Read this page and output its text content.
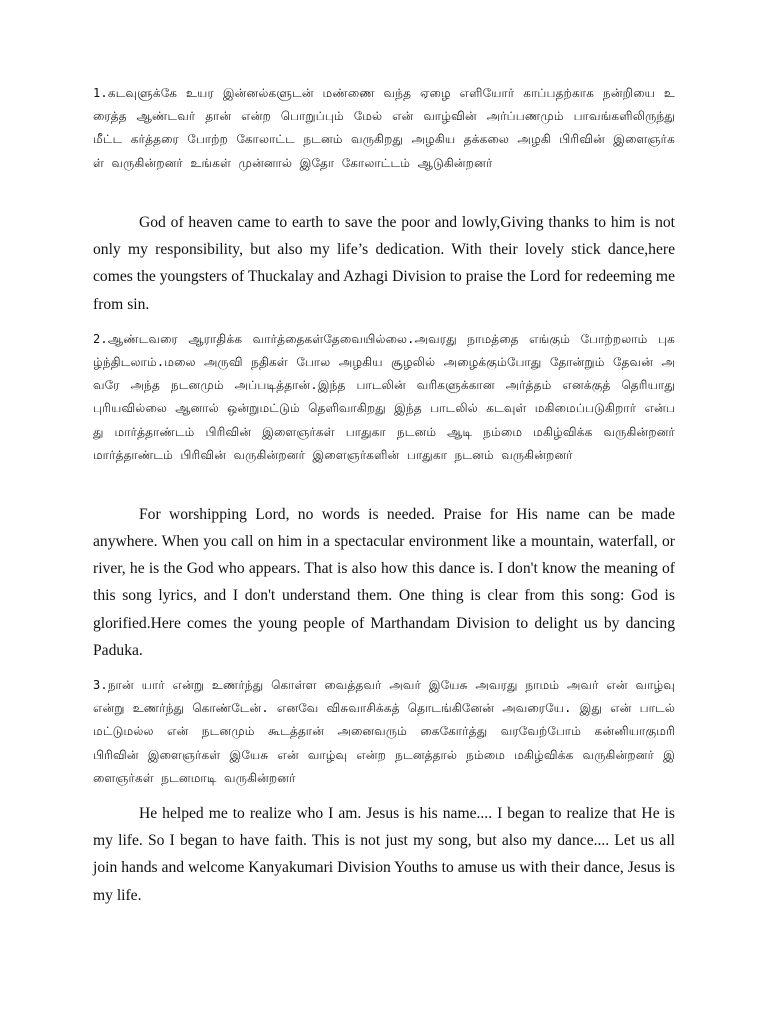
1.கடவுளுக்கே உயர இன்னல்களுடன் மண்ணை வந்த ஏழை எளியோர் காப்பதற்காக நன்றியை உரைத்த ஆண்டவர் தான் என்ற பொறுப்பும் மேல் என் வாழ்வின் அர்ப்பணமும் பாவங்களிலிருந்து மீட்ட கர்த்தரை போற்ற கோலாட்ட நடனம் வருகிறது அழகிய தக்கலை அழகி பிரிவின் இளைஞர்கள் வருகின்றனர் உங்கள் முன்னால் இதோ கோலாட்டம் ஆடுகின்றனர்

God of heaven came to earth to save the poor and lowly,Giving thanks to him is not only my responsibility, but also my life’s dedication. With their lovely stick dance,here comes the youngsters of Thuckalay and Azhagi Division to praise the Lord for redeeming me from sin.

2.ஆண்டவரை ஆராதிக்க வார்த்தைகள்தேவையில்லை.அவரது நாமத்தை எங்கும் போற்றலாம் புகழ்ந்திடலாம்.மலை அருவி நதிகள் போல அழகிய சூழலில் அழைக்கும்போது தோன்றும் தேவன் அவரே அந்த நடனமும் அப்படித்தான்.இந்த பாடலின் வரிகளுக்கான அர்த்தம் எனக்குத் தெரியாது புரியவில்லை ஆனால் ஒன்றுமட்டும் தெளிவாகிறது இந்த பாடலில் கடவுள் மகிமைப்படுகிறார் என்பது மார்த்தாண்டம் பிரிவின் இளைஞர்கள் பாதுகா நடனம் ஆடி நம்மை மகிழ்விக்க வருகின்றனர் மார்த்தாண்டம் பிரிவின் வருகின்றனர் இளைஞர்களின் பாதுகா நடனம் வருகின்றனர்

For worshipping Lord, no words is needed. Praise for His name can be made anywhere. When you call on him in a spectacular environment like a mountain, waterfall, or river, he is the God who appears. That is also how this dance is. I don't know the meaning of this song lyrics, and I don't understand them. One thing is clear from this song: God is glorified.Here comes the young people of Marthandam Division to delight us by dancing Paduka.

3.நான் யார் என்று உணர்ந்து கொள்ள வைத்தவர் அவர் இயேசு அவரது நாமம் அவர் என் வாழ்வு என்று உணர்ந்து கொண்டேன். எனவே விசுவாசிக்கத் தொடங்கினேன் அவரையே. இது என் பாடல் மட்டுமல்ல என் நடனமும் கூடத்தான் அனைவரும் கைகோர்த்து வரவேற்போம் கன்னியாகுமரி பிரிவின் இளைஞர்கள் இயேசு என் வாழ்வு என்ற நடனத்தால் நம்மை மகிழ்விக்க வருகின்றனர் இளைஞர்கள் நடனமாடி வருகின்றனர்

He helped me to realize who I am. Jesus is his name.... I began to realize that He is my life. So I began to have faith. This is not just my song, but also my dance.... Let us all join hands and welcome Kanyakumari Division Youths to amuse us with their dance, Jesus is my life.
